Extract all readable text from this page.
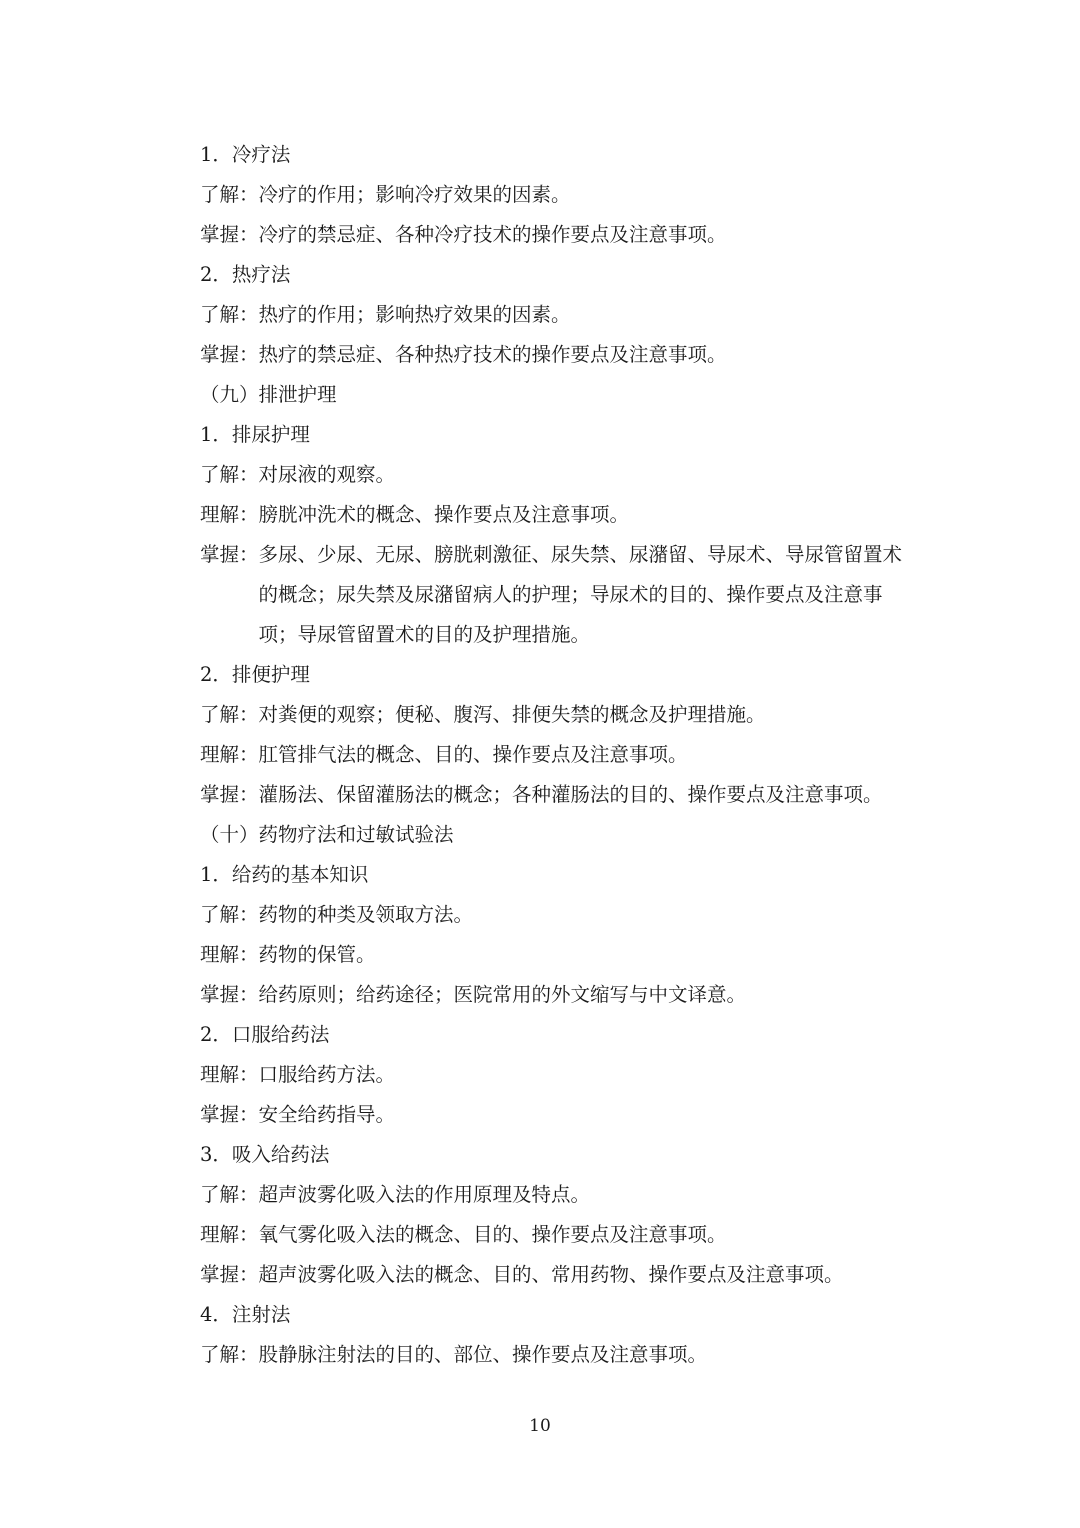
1．冷疗法
了解： 冷疗的作用；影响冷疗效果的因素。
掌握： 冷疗的禁忌症、各种冷疗技术的操作要点及注意事项。
2．热疗法
了解： 热疗的作用；影响热疗效果的因素。
掌握： 热疗的禁忌症、各种热疗技术的操作要点及注意事项。
（九）排泄护理
1．排尿护理
了解： 对尿液的观察。
理解： 膀胱冲洗术的概念、操作要点及注意事项。
掌握： 多尿、少尿、无尿、膀胱刺激征、尿失禁、尿潴留、导尿术、导尿管留置术的概念；尿失禁及尿潴留病人的护理；导尿术的目的、操作要点及注意事项；导尿管留置术的目的及护理措施。
2．排便护理
了解： 对粪便的观察；便秘、腹泻、排便失禁的概念及护理措施。
理解： 肛管排气法的概念、目的、操作要点及注意事项。
掌握： 灌肠法、保留灌肠法的概念；各种灌肠法的目的、操作要点及注意事项。
（十）药物疗法和过敏试验法
1．给药的基本知识
了解： 药物的种类及领取方法。
理解： 药物的保管。
掌握： 给药原则；给药途径；医院常用的外文缩写与中文译意。
2．口服给药法
理解： 口服给药方法。
掌握： 安全给药指导。
3．吸入给药法
了解： 超声波雾化吸入法的作用原理及特点。
理解： 氧气雾化吸入法的概念、目的、操作要点及注意事项。
掌握： 超声波雾化吸入法的概念、目的、常用药物、操作要点及注意事项。
4．注射法
了解： 股静脉注射法的目的、部位、操作要点及注意事项。
10
